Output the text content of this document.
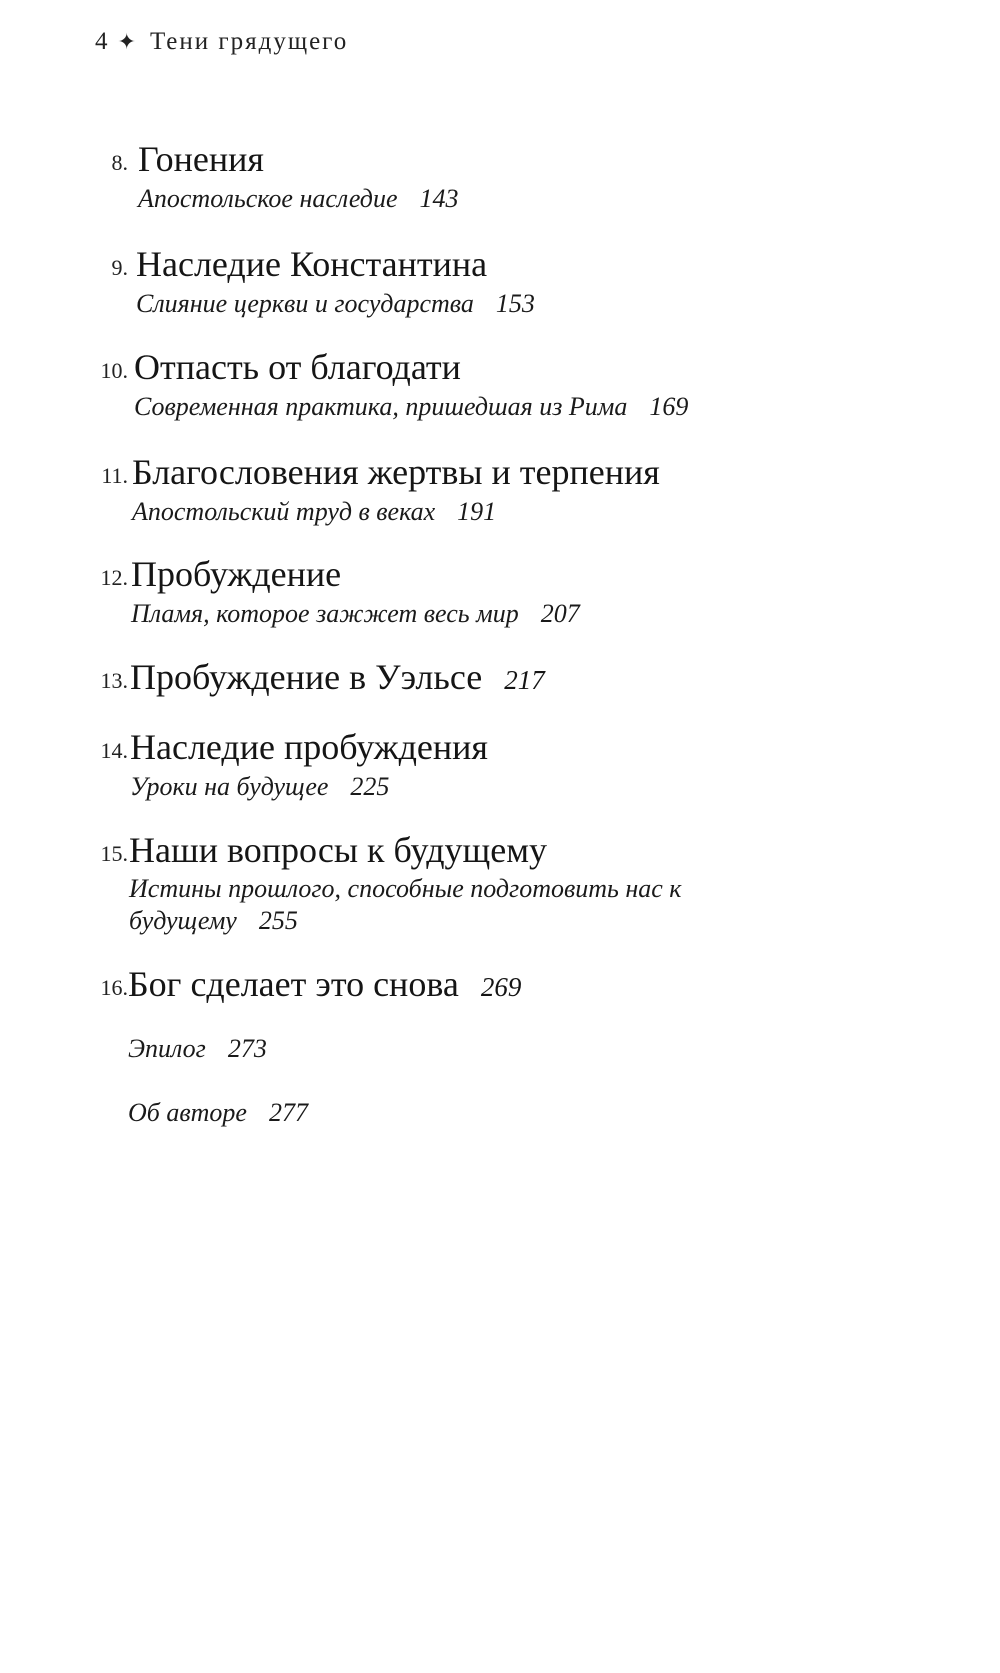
4 ✦ Тени грядущего
8. Гонения
Апостольское наследие 143
9. Наследие Константина
Слияние церкви и государства 153
10. Отпасть от благодати
Современная практика, пришедшая из Рима 169
11. Благословения жертвы и терпения
Апостольский труд в веках 191
12. Пробуждение
Пламя, которое зажжет весь мир 207
13. Пробуждение в Уэльсе 217
14. Наследие пробуждения
Уроки на будущее 225
15. Наши вопросы к будущему
Истины прошлого, способные подготовить нас к будущему 255
16. Бог сделает это снова 269
Эпилог 273
Об авторе 277
